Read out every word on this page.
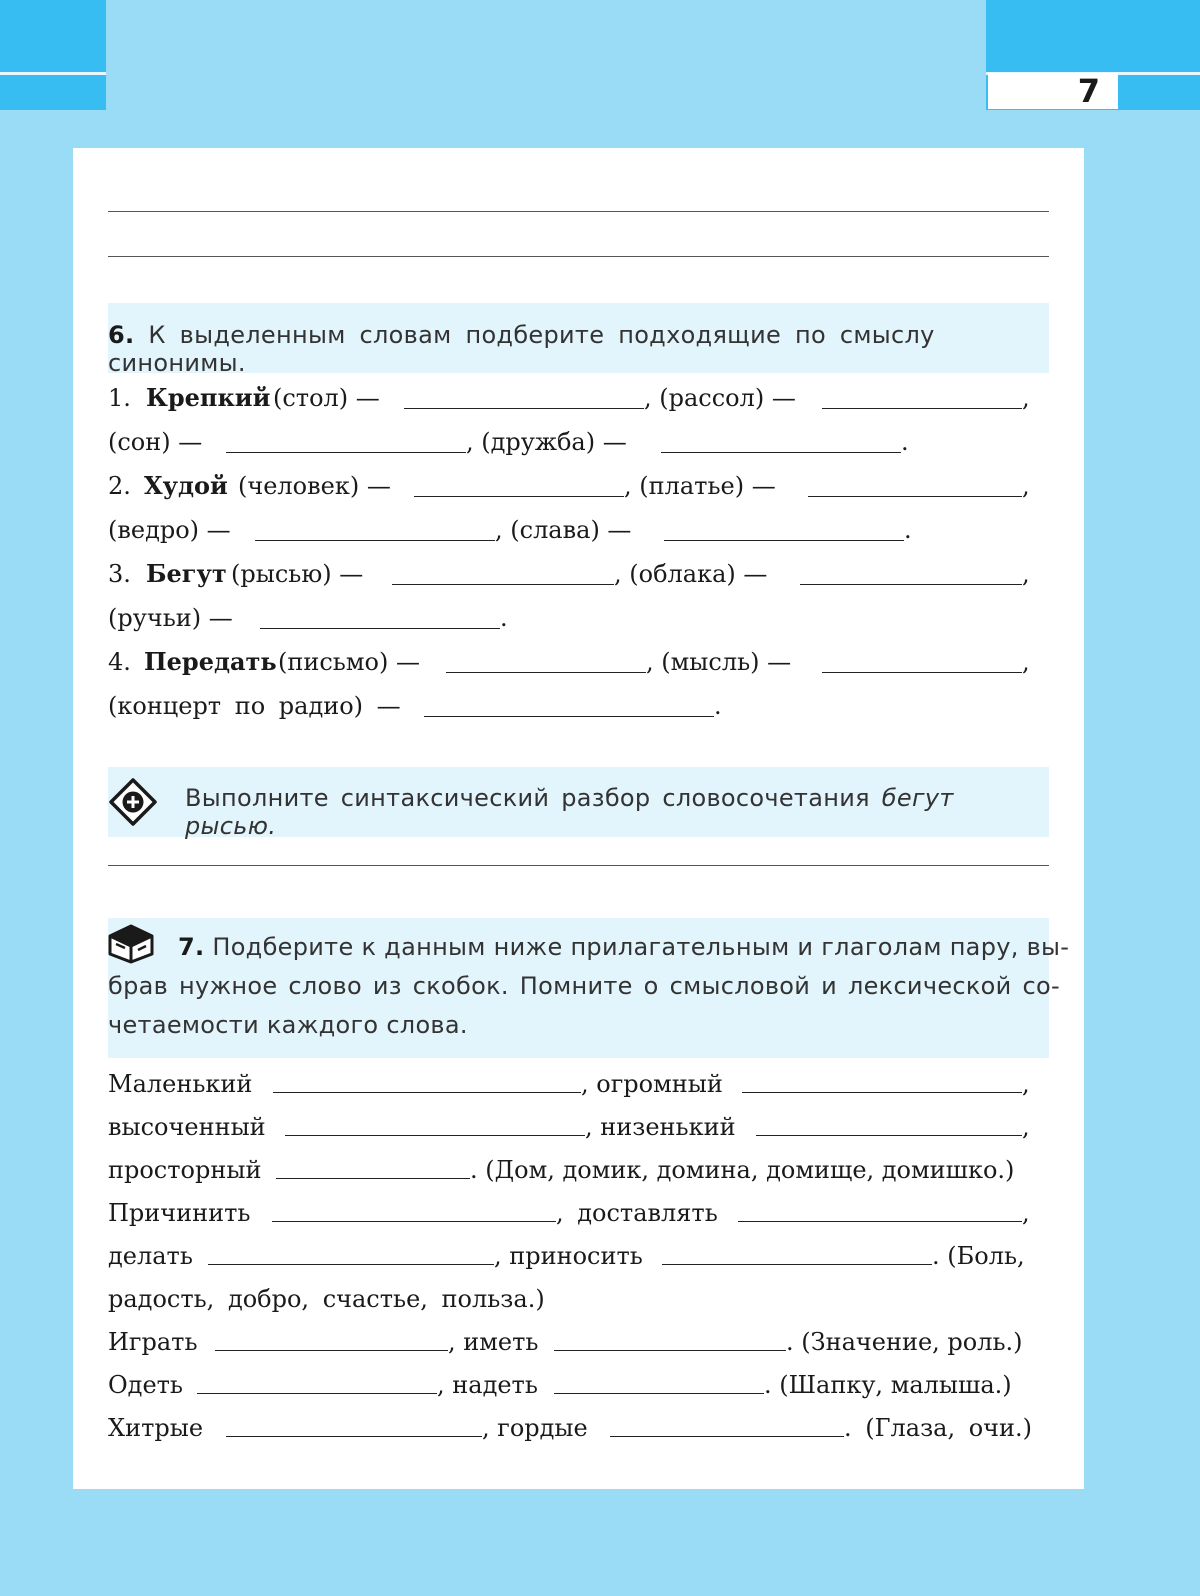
7
6. К выделенным словам подберите подходящие по смыслу синонимы.
1. Крепкий (стол) —	, (рассол) —	,
(сон) —	, (дружба) —	.
2. Худой (человек) —	, (платье) —	,
(ведро) —	, (слава) —	.
3. Бегут (рысью) —	, (облака) —	,
(ручьи) —	.
4. Передать (письмо) —	, (мысль) —	,
(концерт по радио) —	.
Выполните синтаксический разбор словосочетания бегут рысью.
7. Подберите к данным ниже прилагательным и глаголам пару, вы-
брав нужное слово из скобок. Помните о смысловой и лексической со-
четаемости каждого слова.
Маленький	, огромный	,
высоченный	, низенький	,
просторный	. (Дом, домик, домина, домище, домишко.)
Причинить	, доставлять	,
делать	, приносить	. (Боль,
радость, добро, счастье, польза.)
Играть	, иметь	. (Значение, роль.)
Одеть	, надеть	. (Шапку, малыша.)
Хитрые	, гордые	. (Глаза, очи.)
